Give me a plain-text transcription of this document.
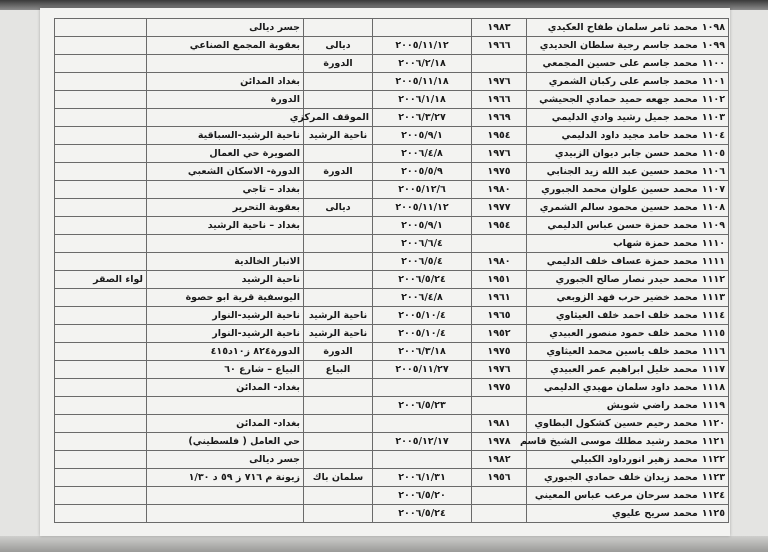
١٠٩٨محمد ثامر سلمان طفاح العكيدي	١٩٨٣			جسر ديالى	
١٠٩٩محمد جاسم رجية سلطان الحديدي	١٩٦٦	٢٠٠٥/١١/١٢	ديالى	بعقوبة المجمع الصناعي	
١١٠٠محمد جاسم على حسين المجمعي		٢٠٠٦/٢/١٨	الدورة		
١١٠١محمد جاسم على ركبان الشمري	١٩٧٦	٢٠٠٥/١١/١٨		بغداد المدائن	
١١٠٢محمد جهعه حميد حمادي الجحيشي	١٩٦٦	٢٠٠٦/١/١٨		الدورة	
١١٠٣محمد جميل رشيد وادي الدليمي	١٩٦٩	٢٠٠٦/٣/٢٧	الموقف المركزي		
١١٠٤محمد حامد مجيد داود الدليمي	١٩٥٤	٢٠٠٥/٩/١	ناحية الرشيد	ناحية الرشيد-السباقية	
١١٠٥محمد حسن جابر ديوان الزبيدي	١٩٧٦	٢٠٠٦/٤/٨		الصويرة حي العمال	
١١٠٦محمد حسين عبد الله زيد الجنابي	١٩٧٥	٢٠٠٥/٥/٩	الدورة	الدورة- الاسكان الشعبي	
١١٠٧محمد حسين علوان محمد الجبوري	١٩٨٠	٢٠٠٥/١٢/٦		بغداد – تاجي	
١١٠٨محمد حسين محمود سالم الشمري	١٩٧٧	٢٠٠٥/١١/١٢	ديالى	بعقوبة التحرير	
١١٠٩محمد حمزة حسن عباس الدليمي	١٩٥٤	٢٠٠٥/٩/١		بغداد – ناحية الرشيد	
١١١٠محمد حمزة شهاب		٢٠٠٦/٦/٤			
١١١١محمد حمزة عساف خلف الدليمي	١٩٨٠	٢٠٠٦/٥/٤		الانبار الخالدية	
١١١٢محمد حيدر نصار صالح الجبوري	١٩٥١	٢٠٠٦/٥/٢٤		ناحية الرشيد	لواء الصقر
١١١٣محمد خضير حرب فهد الزوبعي	١٩٦١	٢٠٠٦/٤/٨		اليوسفية قرية ابو حصوة	
١١١٤محمد خلف احمد خلف العيثاوي	١٩٦٥	٢٠٠٥/١٠/٤	ناحية الرشيد	ناحية الرشيد-النوار	
١١١٥محمد خلف حمود منصور العبيدي	١٩٥٢	٢٠٠٥/١٠/٤	ناحية الرشيد	ناحية الرشيد-النوار	
١١١٦محمد خلف ياسين محمد العيثاوي	١٩٧٥	٢٠٠٦/٣/١٨	الدورة	الدورة٨٢٤ ز١٠د٤١٥	
١١١٧محمد خليل ابراهيم عمر العبيدي	١٩٧٦	٢٠٠٥/١١/٢٧	البياع	البياع – شارع ٦٠	
١١١٨محمد داود سلمان مهيدي الدليمي	١٩٧٥			بغداد- المدائن	
١١١٩محمد راضي شويش		٢٠٠٦/٥/٢٣			
١١٢٠محمد رحيم حسين كشكول البطاوي	١٩٨١			بغداد- المدائن	
١١٢١محمد رشيد مطلك موسى الشيخ قاسم	١٩٧٨	٢٠٠٥/١٢/١٧		حي العامل ( فلسطيني)	
١١٢٢محمد زهير انورداود الكبيلي	١٩٨٢			جسر ديالى	
١١٢٣محمد زيدان خلف حمادي الجبوري	١٩٥٦	٢٠٠٦/١/٣١	سلمان باك	زيونة م ٧١٦ ز ٥٩ د ١/٣٠	
١١٢٤محمد سرحان مرعب عباس المعيني		٢٠٠٦/٥/٢٠			
١١٢٥محمد سريح عليوي		٢٠٠٦/٥/٢٤			
